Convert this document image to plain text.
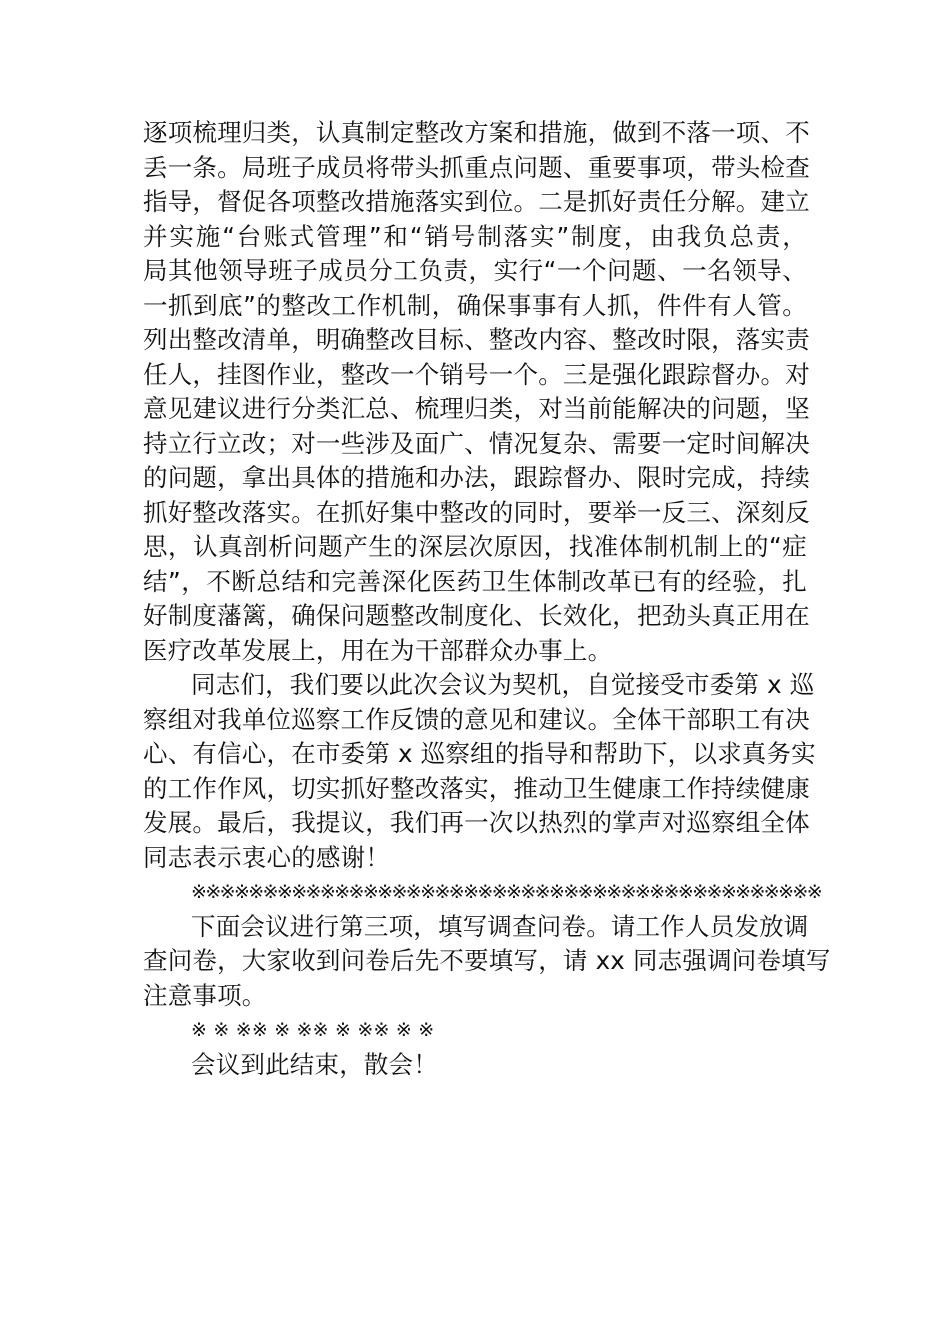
逐项梳理归类，认真制定整改方案和措施，做到不落一项、不
丢一条。局班子成员将带头抓重点问题、重要事项，带头检查
指导，督促各项整改措施落实到位。二是抓好责任分解。建立
并实施“台账式管理”和“销号制落实”制度，由我负总责，
局其他领导班子成员分工负责，实行“一个问题、一名领导、
一抓到底”的整改工作机制，确保事事有人抓，件件有人管。
列出整改清单，明确整改目标、整改内容、整改时限，落实责
任人，挂图作业，整改一个销号一个。三是强化跟踪督办。对
意见建议进行分类汇总、梳理归类，对当前能解决的问题，坚
持立行立改；对一些涉及面广、情况复杂、需要一定时间解决
的问题，拿出具体的措施和办法，跟踪督办、限时完成，持续
抓好整改落实。在抓好集中整改的同时，要举一反三、深刻反
思，认真剖析问题产生的深层次原因，找准体制机制上的“症
结”，不断总结和完善深化医药卫生体制改革已有的经验，扎
好制度藩篱，确保问题整改制度化、长效化，把劲头真正用在
医疗改革发展上，用在为干部群众办事上。
同志们，我们要以此次会议为契机，自觉接受市委第 x 巡
察组对我单位巡察工作反馈的意见和建议。全体干部职工有决
心、有信心，在市委第 x 巡察组的指导和帮助下，以求真务实
的工作作风，切实抓好整改落实，推动卫生健康工作持续健康
发展。最后，我提议，我们再一次以热烈的掌声对巡察组全体
同志表示衷心的感谢！
※※※※※※※※※※※※※※※※※※※※※※※※※※※※※※※※※※※※※※※※※※※※
下面会议进行第三项，填写调查问卷。请工作人员发放调
查问卷，大家收到问卷后先不要填写，请 xx 同志强调问卷填写
注意事项。
※ ※ ※※ ※ ※※ ※ ※※ ※ ※
会议到此结束，散会！
